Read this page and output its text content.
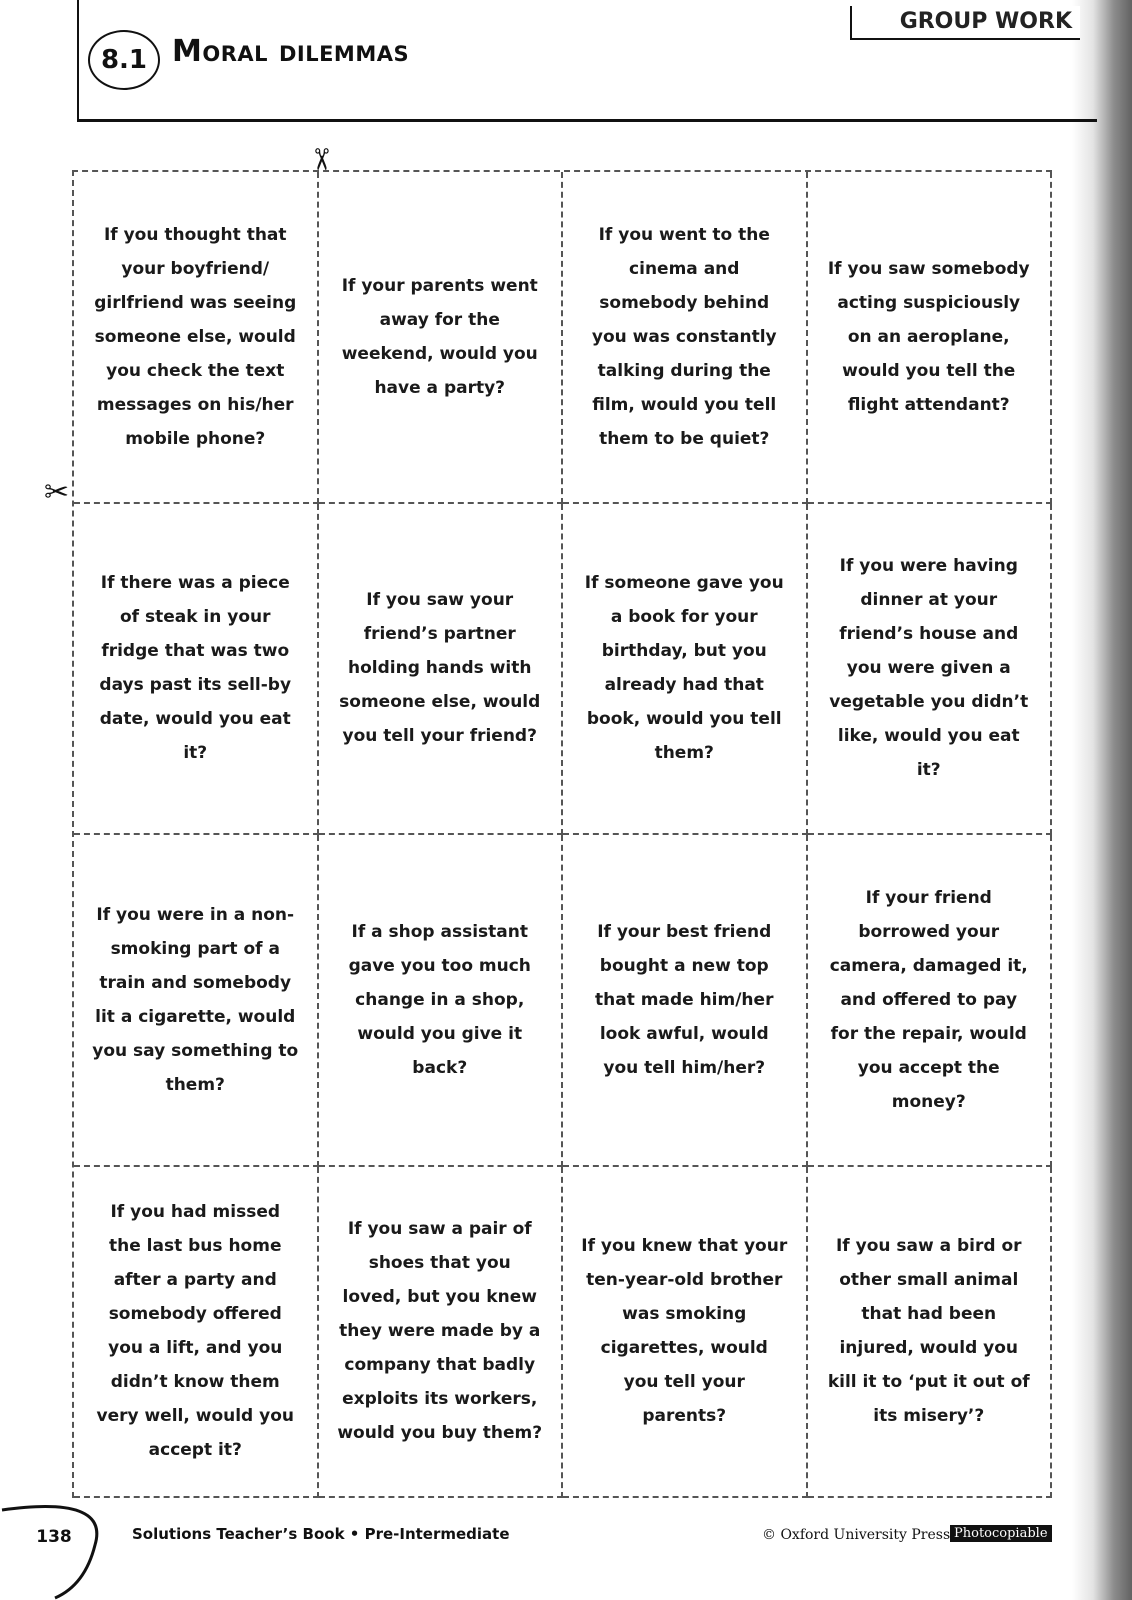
GROUP WORK
8.1 Moral dilemmas
✂
✂
If you thought that your boyfriend/ girlfriend was seeing someone else, would you check the text messages on his/her mobile phone?
If your parents went away for the weekend, would you have a party?
If you went to the cinema and somebody behind you was constantly talking during the film, would you tell them to be quiet?
If you saw somebody acting suspiciously on an aeroplane, would you tell the flight attendant?
If there was a piece of steak in your fridge that was two days past its sell-by date, would you eat it?
If you saw your friend’s partner holding hands with someone else, would you tell your friend?
If someone gave you a book for your birthday, but you already had that book, would you tell them?
If you were having dinner at your friend’s house and you were given a vegetable you didn’t like, would you eat it?
If you were in a non-smoking part of a train and somebody lit a cigarette, would you say something to them?
If a shop assistant gave you too much change in a shop, would you give it back?
If your best friend bought a new top that made him/her look awful, would you tell him/her?
If your friend borrowed your camera, damaged it, and offered to pay for the repair, would you accept the money?
If you had missed the last bus home after a party and somebody offered you a lift, and you didn’t know them very well, would you accept it?
If you saw a pair of shoes that you loved, but you knew they were made by a company that badly exploits its workers, would you buy them?
If you knew that your ten-year-old brother was smoking cigarettes, would you tell your parents?
If you saw a bird or other small animal that had been injured, would you kill it to ‘put it out of its misery’?
138	Solutions Teacher’s Book • Pre-Intermediate	© Oxford University Press Photocopiable
